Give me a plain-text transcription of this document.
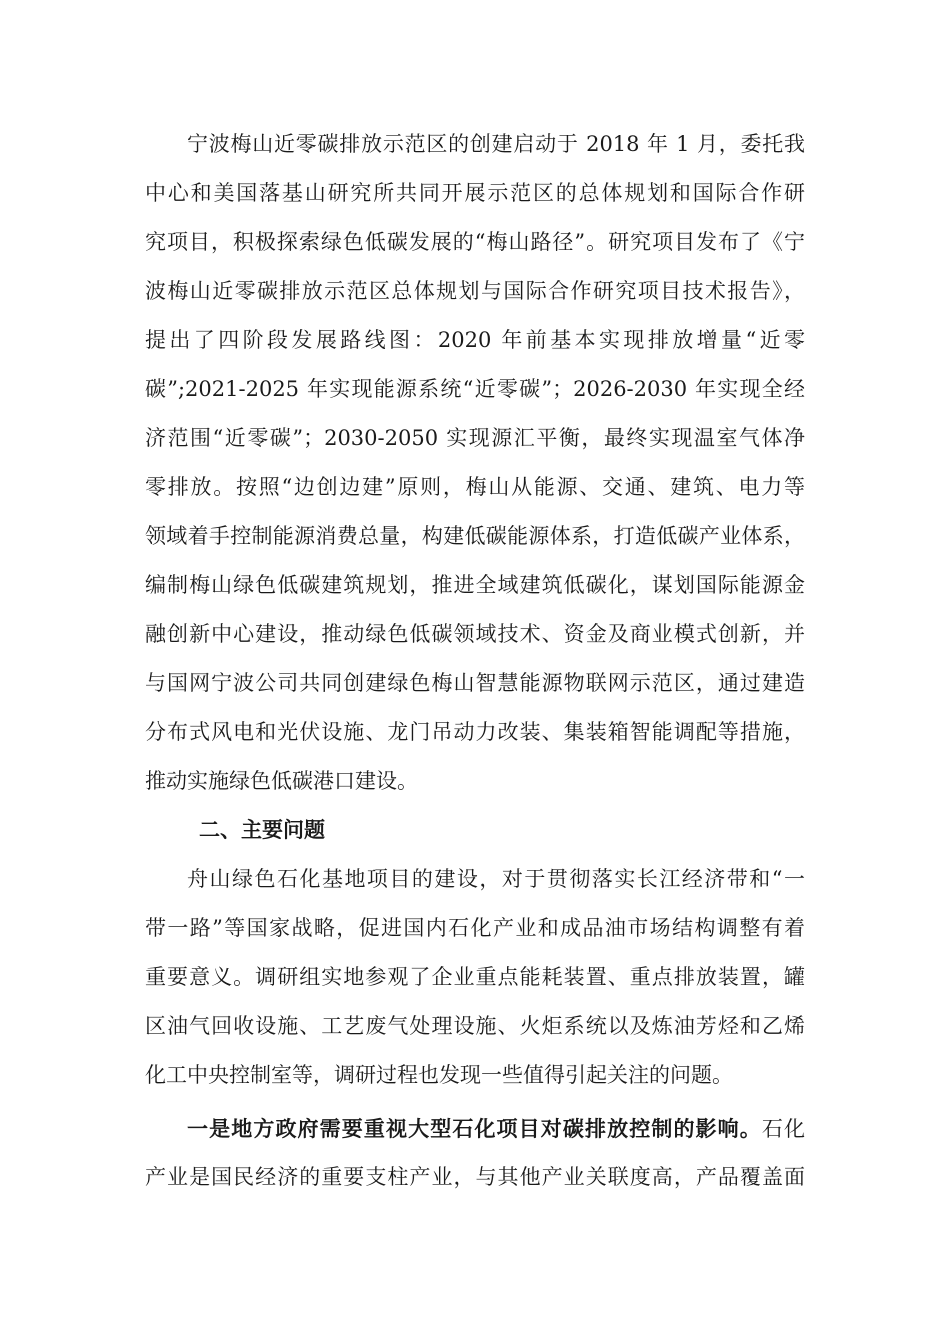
宁波梅山近零碳排放示范区的创建启动于 2018 年 1 月，委托我
中心和美国落基山研究所共同开展示范区的总体规划和国际合作研
究项目，积极探索绿色低碳发展的“梅山路径”。研究项目发布了《宁
波梅山近零碳排放示范区总体规划与国际合作研究项目技术报告》，
提出了四阶段发展路线图：2020 年前基本实现排放增量“近零
碳”;2021-2025 年实现能源系统“近零碳”；2026-2030 年实现全经
济范围“近零碳”；2030-2050 实现源汇平衡，最终实现温室气体净
零排放。按照“边创边建”原则，梅山从能源、交通、建筑、电力等
领域着手控制能源消费总量，构建低碳能源体系，打造低碳产业体系，
编制梅山绿色低碳建筑规划，推进全域建筑低碳化，谋划国际能源金
融创新中心建设，推动绿色低碳领域技术、资金及商业模式创新，并
与国网宁波公司共同创建绿色梅山智慧能源物联网示范区，通过建造
分布式风电和光伏设施、龙门吊动力改装、集装箱智能调配等措施，
推动实施绿色低碳港口建设。
二、主要问题
舟山绿色石化基地项目的建设，对于贯彻落实长江经济带和“一
带一路”等国家战略，促进国内石化产业和成品油市场结构调整有着
重要意义。调研组实地参观了企业重点能耗装置、重点排放装置，罐
区油气回收设施、工艺废气处理设施、火炬系统以及炼油芳烃和乙烯
化工中央控制室等，调研过程也发现一些值得引起关注的问题。
一是地方政府需要重视大型石化项目对碳排放控制的影响。石化
产业是国民经济的重要支柱产业，与其他产业关联度高，产品覆盖面
